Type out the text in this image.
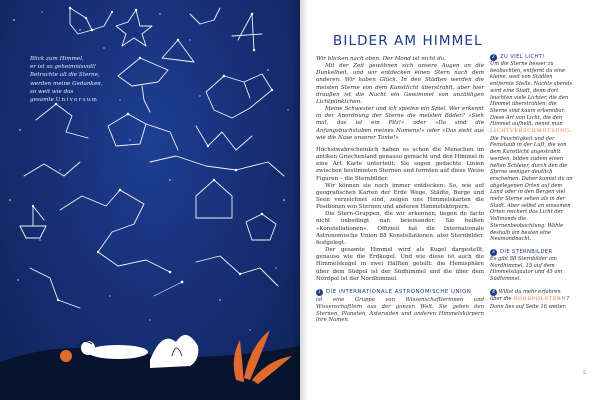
Blick zum Himmel,
er ist so geheimnisvoll!
Betrachte all die Sterne,
werden meine Gedanken,
so weit wie das
gesamte Universum
BILDER AM HIMMEL

Wir blicken nach oben. Der Mond ist nicht da.

Mit der Zeit gewöhnen sich unsere Augen an die Dunkelheit, und wir entdecken einen Stern nach dem anderen. Wir haben Glück. In den Städten werden die meisten Sterne von dem Kunstlicht überstrahlt, aber hier draußen ist die Nacht ein Gewimmel von unzähligen Lichtpünktchen.

Meine Schwester und ich spielen ein Spiel. Wer erkennt in der Anordnung der Sterne die meisten Bilder? »Sieh mal, das ist ein Pilz!« oder »Da sind die Anfangsbuchstaben meines Namens!« oder »Das sieht aus wie die Nase unserer Tante!«

Höchstwahrscheinlich haben es schon die Menschen im antiken Griechenland genauso gemacht und den Himmel in eine Art Karte unterteilt: Sie sogen gedachte Linien zwischen bestimmten Sternen und formten auf diese Weise Figuren – die Sternbilder.

Wir können sie noch immer entdecken: So, wie auf geografischen Karten der Erde Wege, Städte, Berge und Seen verzeichnet sind, zeigen uns Himmelskarten die Positionen von Sternen und anderen Himmelskörpern.

Die Stern-Gruppen, die wir erkennen, liegen de facto nicht unbedingt nah beieinander. Sie heißen »Konstellationen«. Offiziell hat die Internationale Astronomische Union 88 Konstellationen, also Sternbilder, festgelegt.

Der gesamte Himmel wird als Kugel dargestellt, genauso wie die Erdkugel. Und wie diese ist auch die Himmelskugel in zwei Hälften geteilt: die Hemisphäre über dem Südpol ist der Südhimmel und die über dem Nordpol ist der Nordhimmel.

1 DIE INTERNATIONALE ASTRONOMISCHE UNION
ist eine Gruppe von Wissenschaftlerinnen und Wissenschaftlern aus der ganzen Welt. Sie geben den Sternen, Planeten, Asteroiden und anderen Himmelskörpern ihre Namen.
2 ZU VIEL LICHT!
Um die Sterne besser zu beobachten, entfernt du eine kleine, weit von Städten entfernte Stelle. Nachts abends wird eine Stadt, denn dort leuchten viele Lichter, die den Himmel überstrahlen: die Sterne sind kaum erkennbar. Diese Art von Licht, die den Himmel aufhellt, nennt man LICHTVERSCHMUTZUNG. Die Feuchtigkeit und der Feinstaub in der Luft, die von dem Kunstlicht angestrahlt werden, bilden zudem einen hellen Schleier, durch den die Sterne weniger deutlich erscheinen. Daher kannst du an abgelegenen Orten auf dem Land oder in den Bergen viel mehr Sterne sehen als in der Stadt. Aber selbst an einsamen Orten reichert das Licht der Vollmonds die Sternenbeobachtung. Wähle deshalb am besten eine Neumondnacht.
3 DIE STERNBILDER
Es gibt 88 Sternbilder am Nordhimmel, 15 auf dem Himmelsäquator und 45 am Südhimmel.
4 Willst du mehr erfahren über die NORDPOLSTERN? Dann lies auf Seite 16 weiter.
5
